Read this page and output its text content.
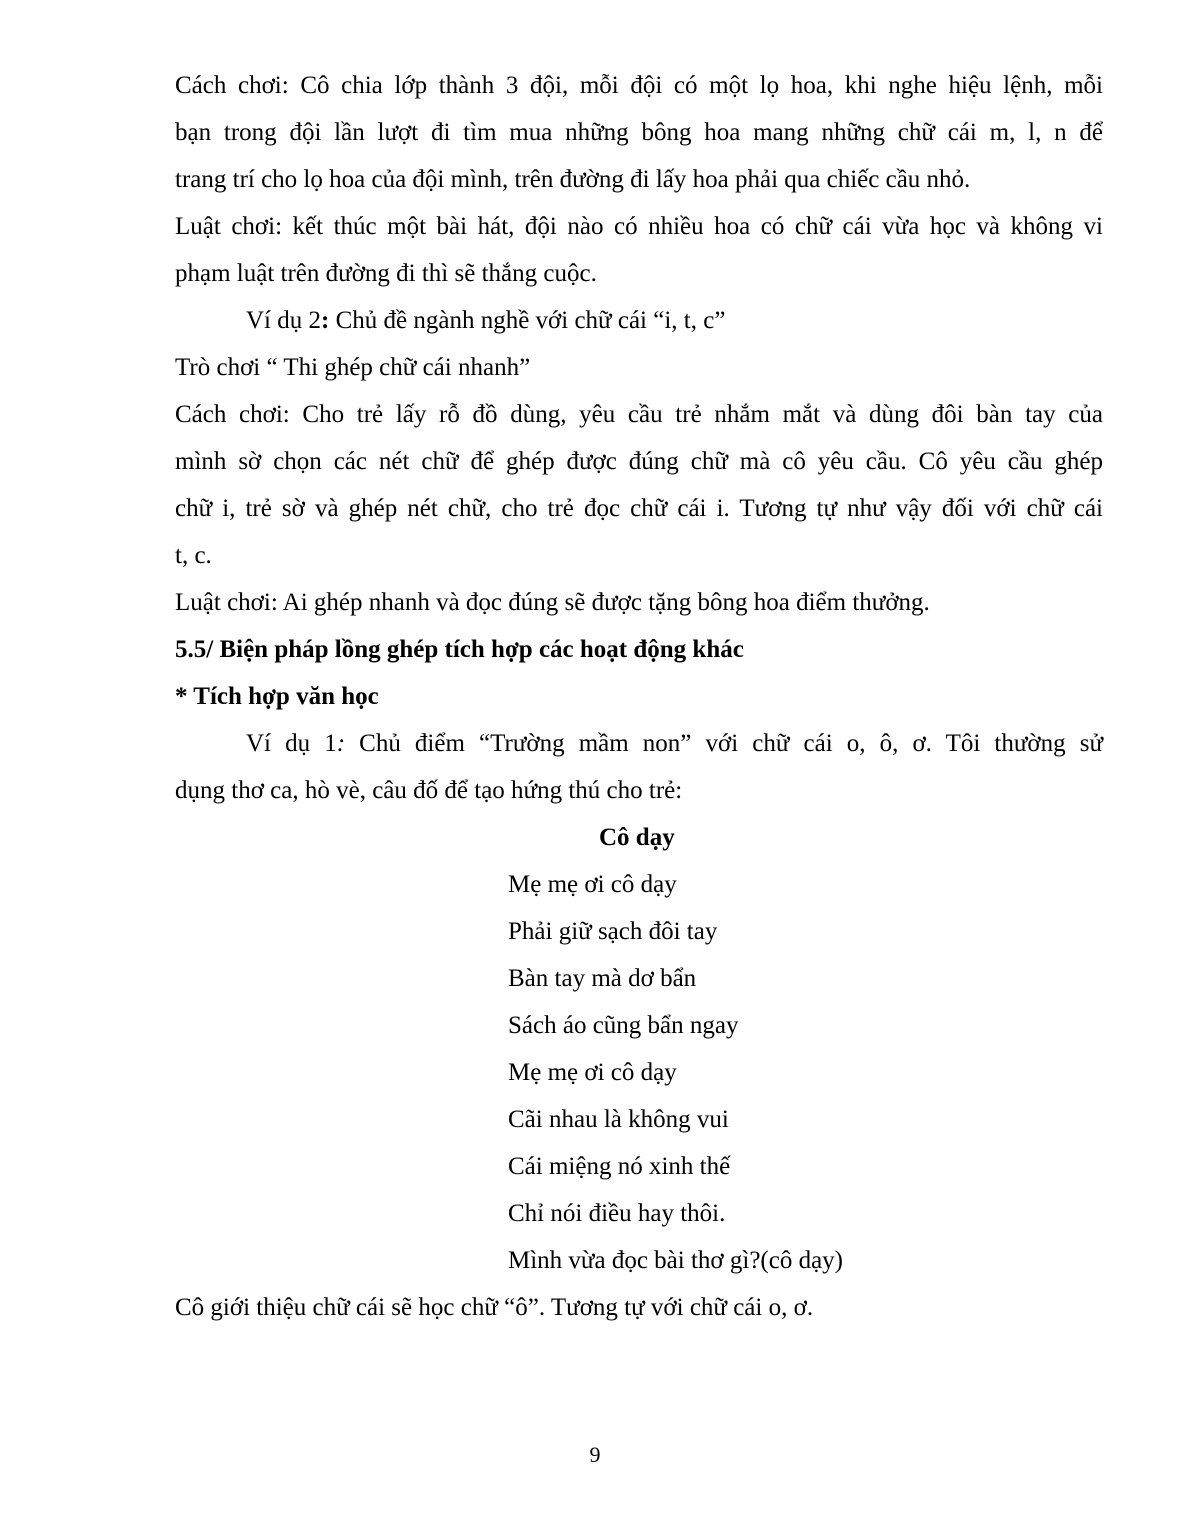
Cách chơi: Cô chia lớp thành 3 đội, mỗi đội có một lọ hoa, khi nghe hiệu lệnh, mỗi
bạn trong đội lần lượt đi tìm mua những bông hoa mang những chữ cái m, l, n để
trang trí cho lọ hoa của đội mình, trên đường đi lấy hoa phải qua chiếc cầu nhỏ.
Luật chơi: kết thúc một bài hát, đội nào có nhiều hoa có chữ cái vừa học và không vi
phạm luật trên đường đi thì sẽ thắng cuộc.
Ví dụ 2: Chủ đề ngành nghề với chữ cái “i, t, c”
Trò chơi “ Thi ghép chữ cái nhanh”
Cách chơi: Cho trẻ lấy rỗ đồ dùng, yêu cầu trẻ nhắm mắt và dùng đôi bàn tay của
mình sờ chọn các nét chữ để ghép được đúng chữ mà cô yêu cầu. Cô yêu cầu ghép
chữ i, trẻ sờ và ghép nét chữ, cho trẻ đọc chữ cái i. Tương tự như vậy đối với chữ cái
t, c.
Luật chơi: Ai ghép nhanh và đọc đúng sẽ được tặng bông hoa điểm thưởng.
5.5/ Biện pháp lồng ghép tích hợp các hoạt động khác
* Tích hợp văn học
Ví dụ 1: Chủ điểm “Trường mầm non” với chữ cái o, ô, ơ. Tôi thường sử
dụng thơ ca, hò vè, câu đố để tạo hứng thú cho trẻ:
Cô dạy
Mẹ mẹ ơi cô dạy
Phải giữ sạch đôi tay
Bàn tay mà dơ bẩn
Sách áo cũng bẩn ngay
Mẹ mẹ ơi cô dạy
Cãi nhau là không vui
Cái miệng nó xinh thế
Chỉ nói điều hay thôi.
Mình vừa đọc bài thơ gì?(cô dạy)
Cô giới thiệu chữ cái sẽ học chữ “ô”. Tương tự với chữ cái o, ơ.
9
